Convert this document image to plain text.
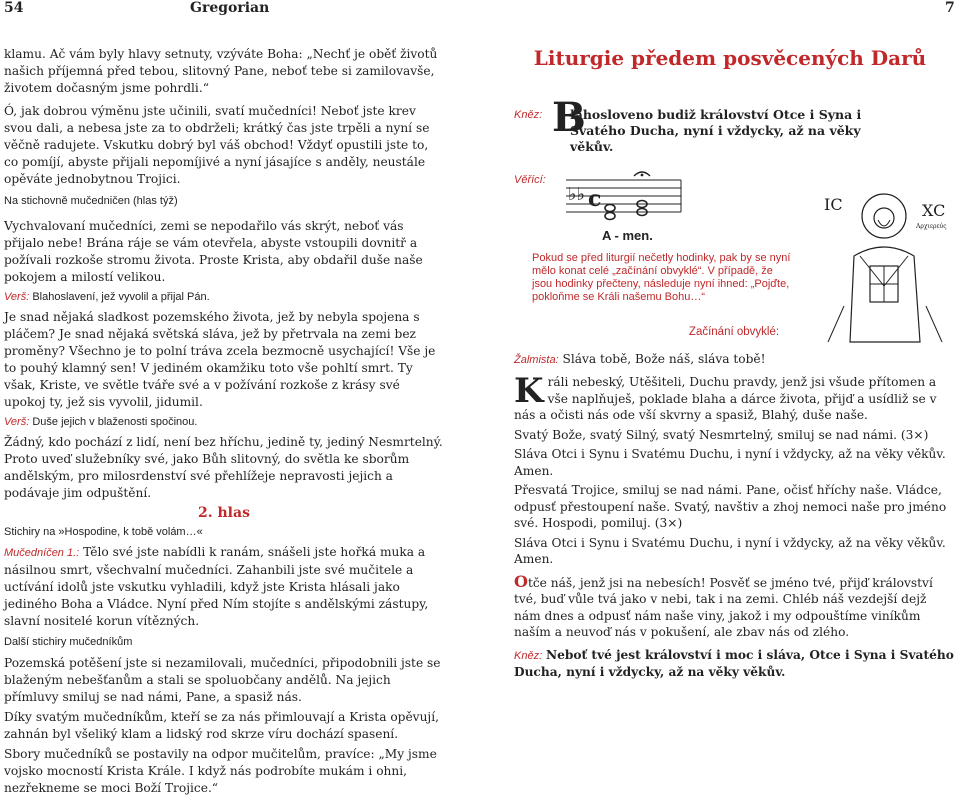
54	Gregorian	7

klamu. Ač vám byly hlavy setnuty, vzýváte Boha: „Nechť je oběť životů našich příjemná před tebou, slitovný Pane, neboť tebe si zamilovavše, životem dočasným jsme pohrdli.“

Ó, jak dobrou výměnu jste učinili, svatí mučedníci! Neboť jste krev svou dali, a nebesa jste za to obdrželi; krátký čas jste trpěli a nyní se věčně radujete. Vskutku dobrý byl váš obchod! Vždyť opustili jste to, co pomíjí, abyste přijali nepomíjivé a nyní jásajíce s anděly, neustále opěváte jednobytnou Trojici.

Na stichovně mučedničen (hlas týž)

Vychvalovaní mučedníci, zemi se nepodařilo vás skrýt, neboť vás přijalo nebe! Brána ráje se vám otevřela, abyste vstoupili dovnitř a požívali rozkoše stromu života. Proste Krista, aby obdařil duše naše pokojem a milostí velikou.

Verš: Blahoslavení, jež vyvolil a přijal Pán.

Je snad nějaká sladkost pozemského života, jež by nebyla spojena s pláčem? Je snad nějaká světská sláva, jež by přetrvala na zemi bez proměny? Všechno je to polní tráva zcela bezmocně usychající! Vše je to pouhý klamný sen! V jediném okamžiku toto vše pohltí smrt. Ty však, Kriste, ve světle tváře své a v požívání rozkoše z krásy své upokoj ty, jež sis vyvolil, jidumil.

Verš: Duše jejich v blaženosti spočinou.

Žádný, kdo pochází z lidí, není bez hříchu, jedině ty, jediný Nesmrtelný. Proto uveď služebníky své, jako Bůh slitovný, do světla ke sborům andělským, pro milosrdenství své přehlížeje nepravosti jejich a podávaje jim odpuštění.

2. hlas

Stichiry na »Hospodine, k tobě volám…«

Mučedníčen 1.: Tělo své jste nabídli k ranám, snášeli jste hořká muka a násilnou smrt, všechvalní mučedníci. Zahanbili jste své mučitele a uctívání idolů jste vskutku vyhladili, když jste Krista hlásali jako jediného Boha a Vládce. Nyní před Ním stojíte s andělskými zástupy, slavní nositelé korun vítězných.

Další stichiry mučedníkům

Pozemská potěšení jste si nezamilovali, mučedníci, připodobnili jste se blaženým nebešťanům a stali se spoluobčany andělů. Na jejich přímluvy smiluj se nad námi, Pane, a spasiž nás.

Díky svatým mučedníkům, kteří se za nás přimlouvají a Krista opěvují, zahnán byl všeliký klam a lidský rod skrze víru dochází spasení.

Sbory mučedníků se postavily na odpor mučitelům, pravíce: „My jsme vojsko mocností Krista Krále. I když nás podrobíte mukám i ohni, nezřekneme se moci Boží Trojice.“

Liturgie předem posvěcených Darů
B
Kněz:	lahosloveno budiž království Otce i Syna i Svatého Ducha, nyní i vždycky, až na věky věkův.
Věřící:
♭♭ c
A - men.
IC	XC
Αρχιερεύς
Pokud se před liturgií nečetly hodinky, pak by se nyní mělo konat celé „začínání obvyklé“. V případě, že jsou hodinky přečteny, následuje nyní ihned: „Pojďte, pokloňme se Králi našemu Bohu…“
Začínání obvyklé:

Žalmista: Sláva tobě, Bože náš, sláva tobě!

K ráli nebeský, Utěšiteli, Duchu pravdy, jenž jsi všude přítomen a vše naplňuješ, poklade blaha a dárce života, přijď a usídliž se v nás a očisti nás ode vší skvrny a spasiž, Blahý, duše naše.

Svatý Bože, svatý Silný, svatý Nesmrtelný, smiluj se nad námi. (3×)

Sláva Otci i Synu i Svatému Duchu, i nyní i vždycky, až na věky věkův. Amen.

Přesvatá Trojice, smiluj se nad námi. Pane, očisť hříchy naše. Vládce, odpusť přestoupení naše. Svatý, navštiv a zhoj nemoci naše pro jméno své. Hospodi, pomiluj. (3×)

Sláva Otci i Synu i Svatému Duchu, i nyní i vždycky, až na věky věkův. Amen.

Otče náš, jenž jsi na nebesích! Posvěť se jméno tvé, přijď království tvé, buď vůle tvá jako v nebi, tak i na zemi. Chléb náš vezdejší dejž nám dnes a odpusť nám naše viny, jakož i my odpouštíme viníkům naším a neuvoď nás v pokušení, ale zbav nás od zlého.

Kněz: Neboť tvé jest království i moc i sláva, Otce i Syna i Svatého Ducha, nyní i vždycky, až na věky věkův.
